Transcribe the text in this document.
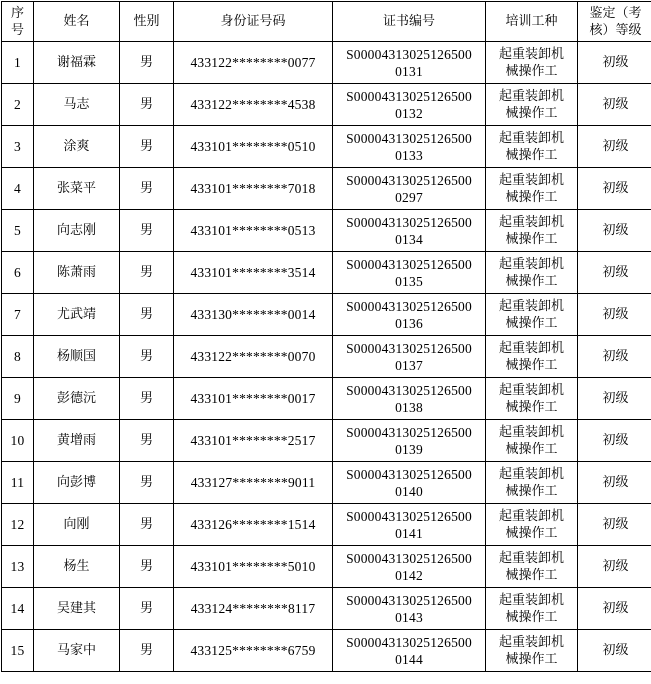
序号	姓名	性别	身份证号码	证书编号	培训工种	鉴定（考核）等级

1	谢福霖	男	433122********0077	S00004313025126500 0131	起重装卸机械操作工	初级

2	马志	男	433122********4538	S00004313025126500 0132	起重装卸机械操作工	初级

3	涂爽	男	433101********0510	S00004313025126500 0133	起重装卸机械操作工	初级

4	张菜平	男	433101********7018	S00004313025126500 0297	起重装卸机械操作工	初级

5	向志刚	男	433101********0513	S00004313025126500 0134	起重装卸机械操作工	初级

6	陈萧雨	男	433101********3514	S00004313025126500 0135	起重装卸机械操作工	初级

7	尤武靖	男	433130********0014	S00004313025126500 0136	起重装卸机械操作工	初级

8	杨顺国	男	433122********0070	S00004313025126500 0137	起重装卸机械操作工	初级

9	彭德沅	男	433101********0017	S00004313025126500 0138	起重装卸机械操作工	初级

10	黄增雨	男	433101********2517	S00004313025126500 0139	起重装卸机械操作工	初级

11	向彭博	男	433127********9011	S00004313025126500 0140	起重装卸机械操作工	初级

12	向刚	男	433126********1514	S00004313025126500 0141	起重装卸机械操作工	初级

13	杨生	男	433101********5010	S00004313025126500 0142	起重装卸机械操作工	初级

14	吴建其	男	433124********8117	S00004313025126500 0143	起重装卸机械操作工	初级

15	马家中	男	433125********6759	S00004313025126500 0144	起重装卸机械操作工	初级
